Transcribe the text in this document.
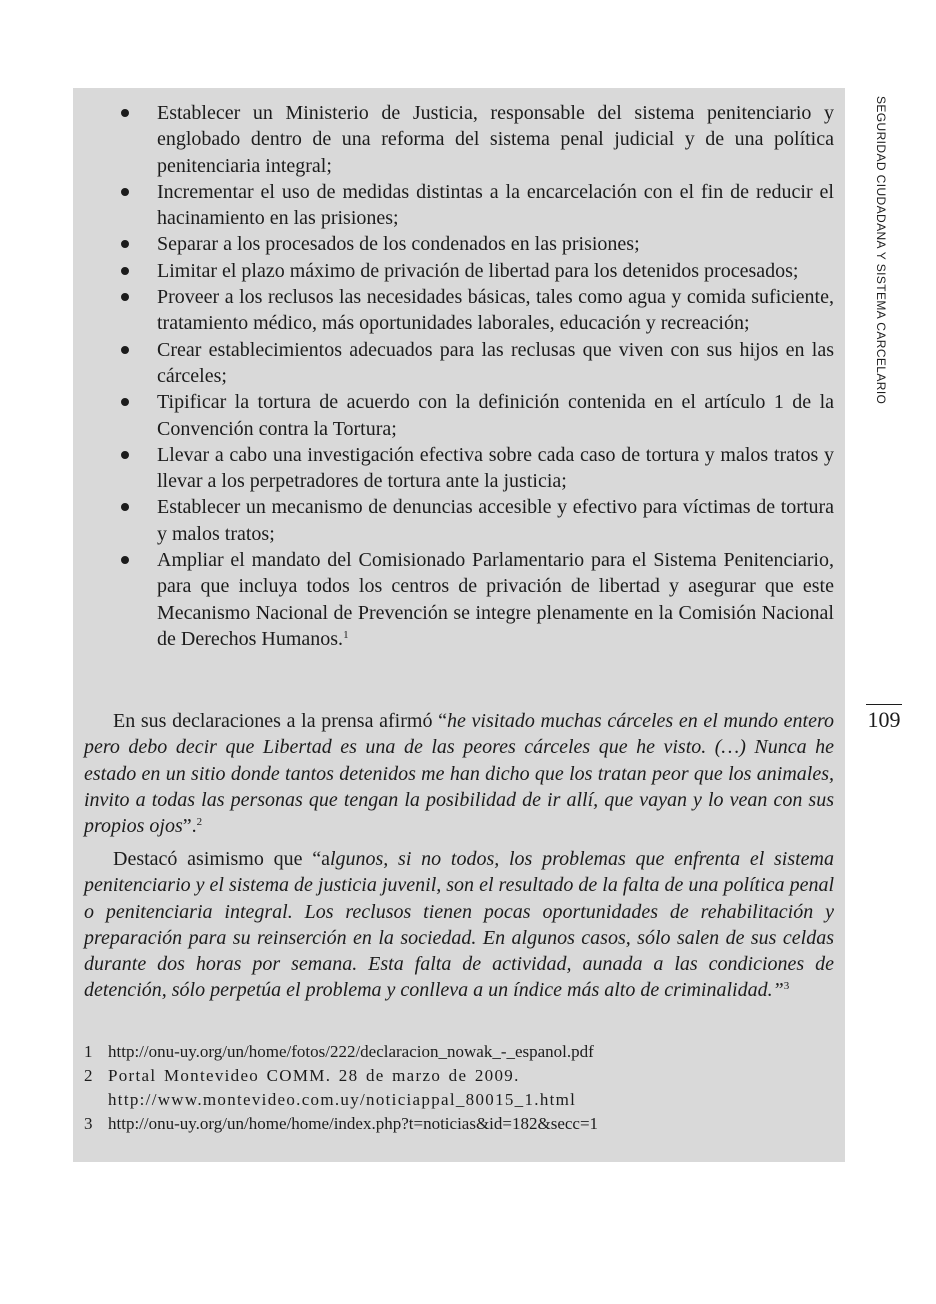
Establecer un Ministerio de Justicia, responsable del sistema penitenciario y englobado dentro de una reforma del sistema penal judicial y de una política penitenciaria integral;
Incrementar el uso de medidas distintas a la encarcelación con el fin de reducir el hacinamiento en las prisiones;
Separar a los procesados de los condenados en las prisiones;
Limitar el plazo máximo de privación de libertad para los detenidos procesados;
Proveer a los reclusos las necesidades básicas, tales como agua y comida suficiente, tratamiento médico, más oportunidades laborales, educación y recreación;
Crear establecimientos adecuados para las reclusas que viven con sus hijos en las cárceles;
Tipificar la tortura de acuerdo con la definición contenida en el artículo 1 de la Convención contra la Tortura;
Llevar a cabo una investigación efectiva sobre cada caso de tortura y malos tratos y llevar a los perpetradores de tortura ante la justicia;
Establecer un mecanismo de denuncias accesible y efectivo para víctimas de tortura y malos tratos;
Ampliar el mandato del Comisionado Parlamentario para el Sistema Penitenciario, para que incluya todos los centros de privación de libertad y asegurar que este Mecanismo Nacional de Prevención se integre plenamente en la Comisión Nacional de Derechos Humanos.$^1$

En sus declaraciones a la prensa afirmó “he visitado muchas cárceles en el mundo entero pero debo decir que Libertad es una de las peores cárceles que he visto. (…) Nunca he estado en un sitio donde tantos detenidos me han dicho que los tratan peor que los animales, invito a todas las personas que tengan la posibilidad de ir allí, que vayan y lo vean con sus propios ojos”.$^2$

Destacó asimismo que “algunos, si no todos, los problemas que enfrenta el sistema penitenciario y el sistema de justicia juvenil, son el resultado de la falta de una política penal o penitenciaria integral. Los reclusos tienen pocas oportunidades de rehabilitación y preparación para su reinserción en la sociedad. En algunos casos, sólo salen de sus celdas durante dos horas por semana. Esta falta de actividad, aunada a las condiciones de detención, sólo perpetúa el problema y conlleva a un índice más alto de criminalidad.”$^3$

1 http://onu-uy.org/un/home/fotos/222/declaracion_nowak_-_espanol.pdf
2 Portal Montevideo COMM. 28 de marzo de 2009. http://www.montevideo.com.uy/noticiappal_80015_1.html
3 http://onu-uy.org/un/home/home/index.php?t=noticias&id=182&secc=1
SEGURIDAD CIUDADANA Y SISTEMA CARCELARIO
109
